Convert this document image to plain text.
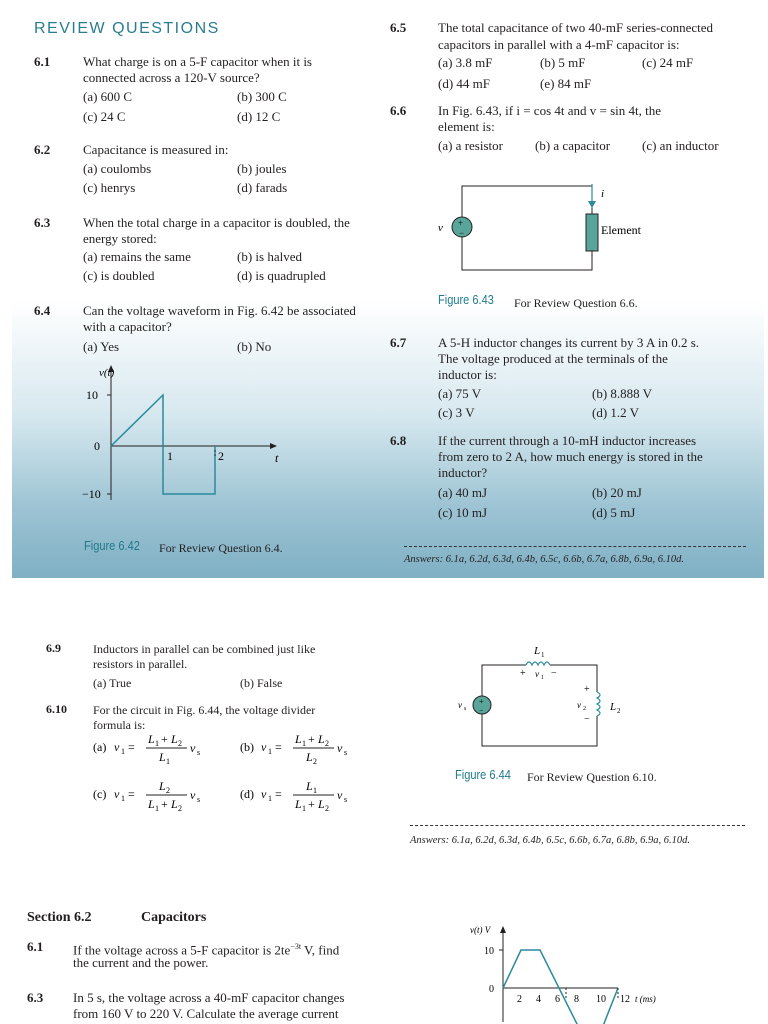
REVIEW QUESTIONS
6.1	What charge is on a 5-F capacitor when it is
connected across a 120-V source?
(a) 600 C	(b) 300 C
(c) 24 C	(d) 12 C
6.2	Capacitance is measured in:
(a) coulombs	(b) joules
(c) henrys	(d) farads
6.3	When the total charge in a capacitor is doubled, the
energy stored:
(a) remains the same	(b) is halved
(c) is doubled	(d) is quadrupled
6.4	Can the voltage waveform in Fig. 6.42 be associated
with a capacitor?
(a) Yes	(b) No
v(t)
10
0
−10
1	2	t
Figure 6.42 For Review Question 6.4.
6.5 The total capacitance of two 40-mF series-connected
capacitors in parallel with a 4-mF capacitor is:
(a) 3.8 mF	(b) 5 mF	(c) 24 mF
(d) 44 mF	(e) 84 mF
6.6 In Fig. 6.43, if i = cos 4t and v = sin 4t, the
element is:
(a) a resistor (b) a capacitor (c) an inductor
+
−
v
i
Element
Figure 6.43 For Review Question 6.6.
6.7 A 5-H inductor changes its current by 3 A in 0.2 s.
The voltage produced at the terminals of the
inductor is:
(a) 75 V	(b) 8.888 V
(c) 3 V	(d) 1.2 V
6.8 If the current through a 10-mH inductor increases
from zero to 2 A, how much energy is stored in the
inductor?
(a) 40 mJ	(b) 20 mJ
(c) 10 mJ	(d) 5 mJ
Answers: 6.1a, 6.2d, 6.3d, 6.4b, 6.5c, 6.6b, 6.7a, 6.8b, 6.9a, 6.10d.
6.9	Inductors in parallel can be combined just like
resistors in parallel.
(a) True	(b) False
6.10 For the circuit in Fig. 6.44, the voltage divider
formula is:
(a) v 1 =
L 1 + L 2
L 1
v s	(b) v 1 =
L 1 + L 2
L 2
v s
(c) v 1 =
L 2
L 1 + L 2
v s	(d) v 1 =
L 1
L 1 + L 2
v s
+
−
L 1
+ v 1 −
+
v 2
−
L 2
v s
Figure 6.44 For Review Question 6.10.
Answers: 6.1a, 6.2d, 6.3d, 6.4b, 6.5c, 6.6b, 6.7a, 6.8b, 6.9a, 6.10d.
Section 6.2	Capacitors
6.1 If the voltage across a 5-F capacitor is $2te^{-3t}$ V, find
the current and the power.
6.3 In 5 s, the voltage across a 40-mF capacitor changes
from 160 V to 220 V. Calculate the average current
v(t) V
10
0
2 4 6 8 10 12 t (ms)
